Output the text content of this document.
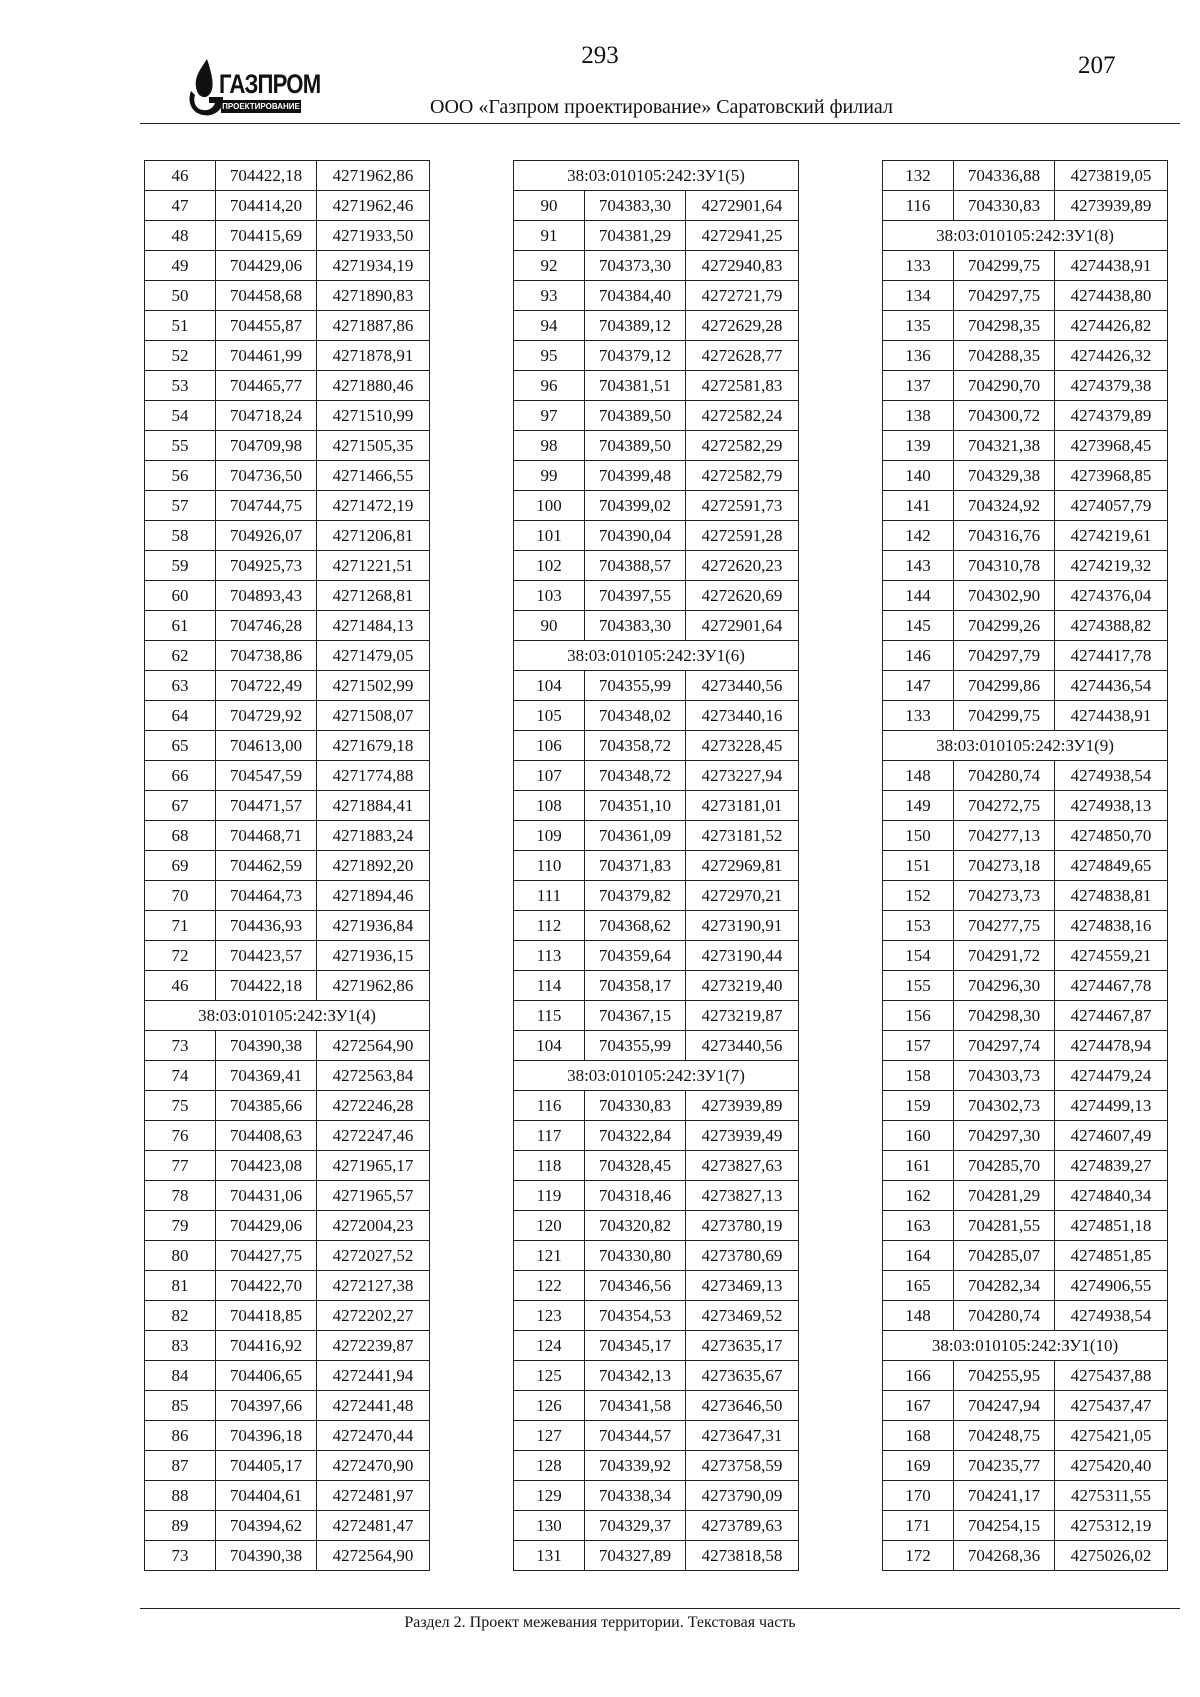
293	207
ГАЗПРОМ
ПРОЕКТИРОВАНИЕ	ООО «Газпром проектирование» Саратовский филиал
46	704422,18	4271962,86
47	704414,20	4271962,46
48	704415,69	4271933,50
49	704429,06	4271934,19
50	704458,68	4271890,83
51	704455,87	4271887,86
52	704461,99	4271878,91
53	704465,77	4271880,46
54	704718,24	4271510,99
55	704709,98	4271505,35
56	704736,50	4271466,55
57	704744,75	4271472,19
58	704926,07	4271206,81
59	704925,73	4271221,51
60	704893,43	4271268,81
61	704746,28	4271484,13
62	704738,86	4271479,05
63	704722,49	4271502,99
64	704729,92	4271508,07
65	704613,00	4271679,18
66	704547,59	4271774,88
67	704471,57	4271884,41
68	704468,71	4271883,24
69	704462,59	4271892,20
70	704464,73	4271894,46
71	704436,93	4271936,84
72	704423,57	4271936,15
46	704422,18	4271962,86
38:03:010105:242:ЗУ1(4)		
73	704390,38	4272564,90
74	704369,41	4272563,84
75	704385,66	4272246,28
76	704408,63	4272247,46
77	704423,08	4271965,17
78	704431,06	4271965,57
79	704429,06	4272004,23
80	704427,75	4272027,52
81	704422,70	4272127,38
82	704418,85	4272202,27
83	704416,92	4272239,87
84	704406,65	4272441,94
85	704397,66	4272441,48
86	704396,18	4272470,44
87	704405,17	4272470,90
88	704404,61	4272481,97
89	704394,62	4272481,47
73	704390,38	4272564,90
38:03:010105:242:ЗУ1(5)		
90	704383,30	4272901,64
91	704381,29	4272941,25
92	704373,30	4272940,83
93	704384,40	4272721,79
94	704389,12	4272629,28
95	704379,12	4272628,77
96	704381,51	4272581,83
97	704389,50	4272582,24
98	704389,50	4272582,29
99	704399,48	4272582,79
100	704399,02	4272591,73
101	704390,04	4272591,28
102	704388,57	4272620,23
103	704397,55	4272620,69
90	704383,30	4272901,64
38:03:010105:242:ЗУ1(6)		
104	704355,99	4273440,56
105	704348,02	4273440,16
106	704358,72	4273228,45
107	704348,72	4273227,94
108	704351,10	4273181,01
109	704361,09	4273181,52
110	704371,83	4272969,81
111	704379,82	4272970,21
112	704368,62	4273190,91
113	704359,64	4273190,44
114	704358,17	4273219,40
115	704367,15	4273219,87
104	704355,99	4273440,56
38:03:010105:242:ЗУ1(7)		
116	704330,83	4273939,89
117	704322,84	4273939,49
118	704328,45	4273827,63
119	704318,46	4273827,13
120	704320,82	4273780,19
121	704330,80	4273780,69
122	704346,56	4273469,13
123	704354,53	4273469,52
124	704345,17	4273635,17
125	704342,13	4273635,67
126	704341,58	4273646,50
127	704344,57	4273647,31
128	704339,92	4273758,59
129	704338,34	4273790,09
130	704329,37	4273789,63
131	704327,89	4273818,58
132	704336,88	4273819,05
116	704330,83	4273939,89
38:03:010105:242:ЗУ1(8)		
133	704299,75	4274438,91
134	704297,75	4274438,80
135	704298,35	4274426,82
136	704288,35	4274426,32
137	704290,70	4274379,38
138	704300,72	4274379,89
139	704321,38	4273968,45
140	704329,38	4273968,85
141	704324,92	4274057,79
142	704316,76	4274219,61
143	704310,78	4274219,32
144	704302,90	4274376,04
145	704299,26	4274388,82
146	704297,79	4274417,78
147	704299,86	4274436,54
133	704299,75	4274438,91
38:03:010105:242:ЗУ1(9)		
148	704280,74	4274938,54
149	704272,75	4274938,13
150	704277,13	4274850,70
151	704273,18	4274849,65
152	704273,73	4274838,81
153	704277,75	4274838,16
154	704291,72	4274559,21
155	704296,30	4274467,78
156	704298,30	4274467,87
157	704297,74	4274478,94
158	704303,73	4274479,24
159	704302,73	4274499,13
160	704297,30	4274607,49
161	704285,70	4274839,27
162	704281,29	4274840,34
163	704281,55	4274851,18
164	704285,07	4274851,85
165	704282,34	4274906,55
148	704280,74	4274938,54
38:03:010105:242:ЗУ1(10)		
166	704255,95	4275437,88
167	704247,94	4275437,47
168	704248,75	4275421,05
169	704235,77	4275420,40
170	704241,17	4275311,55
171	704254,15	4275312,19
172	704268,36	4275026,02
Раздел 2. Проект межевания территории. Текстовая часть
